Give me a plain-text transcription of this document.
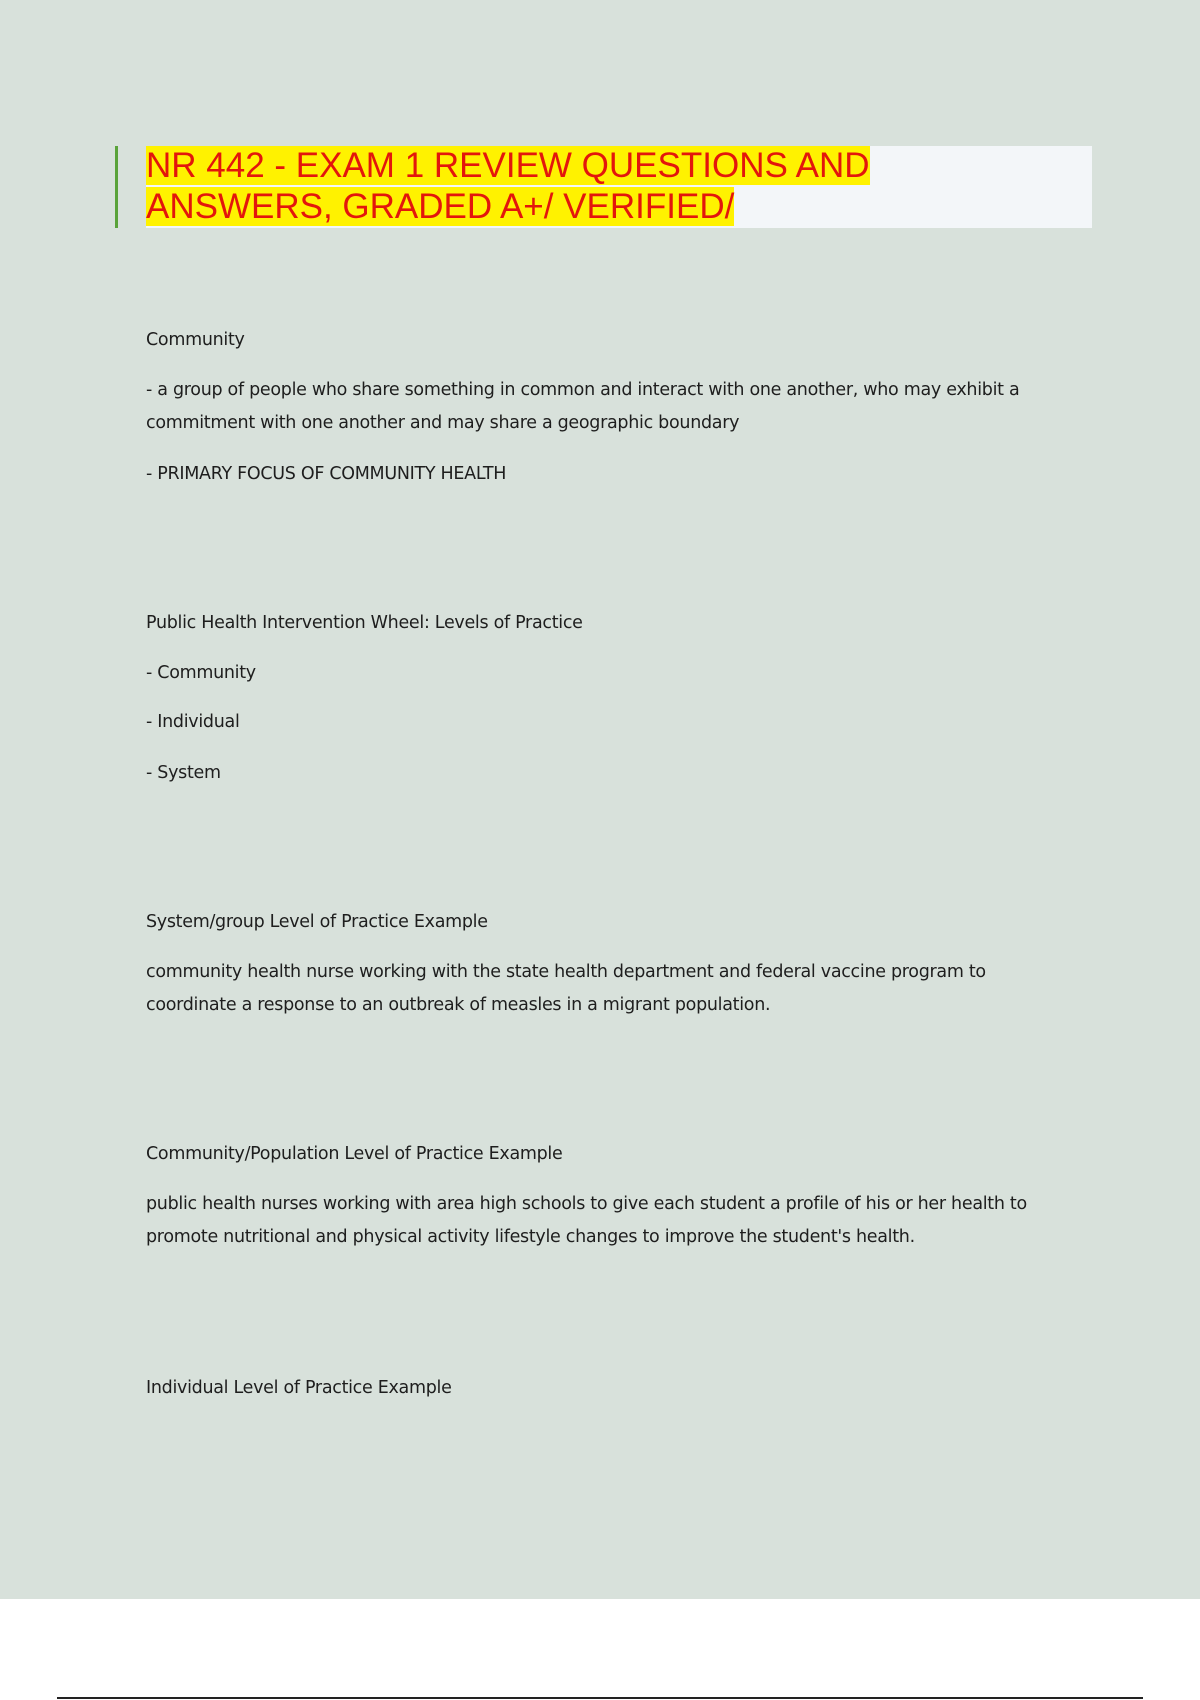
NR 442 - EXAM 1 REVIEW QUESTIONS AND
ANSWERS, GRADED A+/ VERIFIED/
Community
- a group of people who share something in common and interact with one another, who may exhibit a commitment with one another and may share a geographic boundary
- PRIMARY FOCUS OF COMMUNITY HEALTH
Public Health Intervention Wheel: Levels of Practice
- Community
- Individual
- System
System/group Level of Practice Example
community health nurse working with the state health department and federal vaccine program to coordinate a response to an outbreak of measles in a migrant population.
Community/Population Level of Practice Example
public health nurses working with area high schools to give each student a profile of his or her health to promote nutritional and physical activity lifestyle changes to improve the student's health.
Individual Level of Practice Example
